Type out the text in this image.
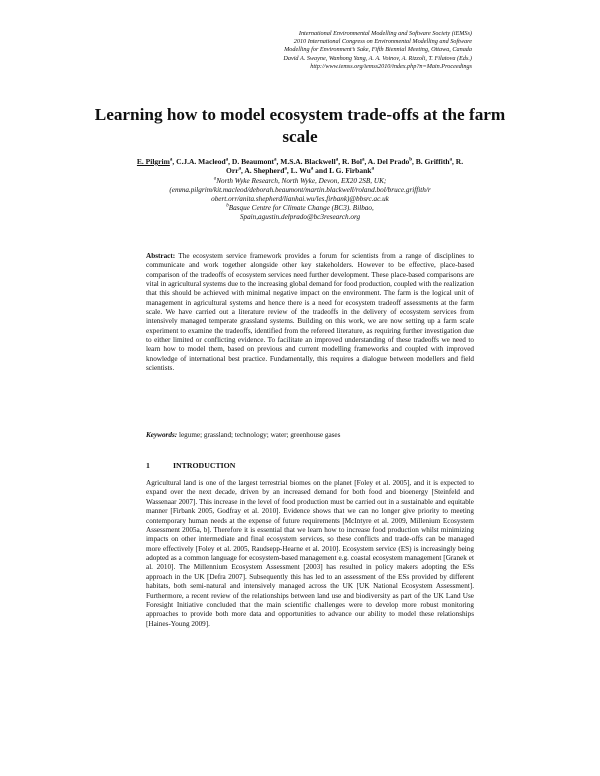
International Environmental Modelling and Software Society (iEMSs)
2010 International Congress on Environmental Modelling and Software
Modelling for Environment’s Sake, Fifth Biennial Meeting, Ottawa, Canada
David A. Swayne, Wanhong Yang, A. A. Voinov, A. Rizzoli, T. Filatova (Eds.)
http://www.iemss.org/iemss2010/index.php?n=Main.Proceedings
Learning how to model ecosystem trade-offs at the farm scale
E. Pilgrim$^a$, C.J.A. Macleod$^a$, D. Beaumont$^a$, M.S.A. Blackwell$^a$, R. Bol$^a$, A. Del Prado$^b$, B. Griffith$^a$, R. Orr$^a$, A. Shepherd$^a$, L. Wu$^a$ and L G. Firbank$^a$
$^a$North Wyke Research, North Wyke, Devon, EX20 2SB, UK;
(emma.pilgrim/kit.macleod/deborah.beaumont/martin.blackwell/roland.bol/bruce.griffith/r
obert.orr/anita.shepherd/lianhai.wu/les.firbank)@bbsrc.ac.uk
$^b$Basque Centre for Climate Change (BC3). Bilbao,
Spain,agustin.delprado@bc3research.org
Abstract: The ecosystem service framework provides a forum for scientists from a range of disciplines to communicate and work together alongside other key stakeholders. However to be effective, place-based comparison of the tradeoffs of ecosystem services need further development. These place-based comparisons are vital in agricultural systems due to the increasing global demand for food production, coupled with the realization that this should be achieved with minimal negative impact on the environment. The farm is the logical unit of management in agricultural systems and hence there is a need for ecosystem tradeoff assessments at the farm scale. We have carried out a literature review of the tradeoffs in the delivery of ecosystem services from intensively managed temperate grassland systems. Building on this work, we are now setting up a farm scale experiment to examine the tradeoffs, identified from the refereed literature, as requiring further investigation due to either limited or conflicting evidence. To facilitate an improved understanding of these tradeoffs we need to learn how to model them, based on previous and current modelling frameworks and coupled with improved knowledge of international best practice. Fundamentally, this requires a dialogue between modellers and field scientists.
Keywords: legume; grassland; technology; water; greenhouse gases
1	INTRODUCTION
Agricultural land is one of the largest terrestrial biomes on the planet [Foley et al. 2005], and it is expected to expand over the next decade, driven by an increased demand for both food and bioenergy [Steinfeld and Wassenaar 2007]. This increase in the level of food production must be carried out in a sustainable and equitable manner [Firbank 2005, Godfray et al. 2010]. Evidence shows that we can no longer give priority to meeting contemporary human needs at the expense of future requirements [McIntyre et al. 2009, Millenium Ecosystem Assessment 2005a, b]. Therefore it is essential that we learn how to increase food production whilst minimizing impacts on other intermediate and final ecosystem services, so these conflicts and trade-offs can be managed more effectively [Foley et al. 2005, Raudsepp-Hearne et al. 2010]. Ecosystem service (ES) is increasingly being adopted as a common language for ecosystem-based management e.g. coastal ecosystem management [Granek et al. 2010]. The Millennium Ecosystem Assessment [2003] has resulted in policy makers adopting the ESs approach in the UK [Defra 2007]. Subsequently this has led to an assessment of the ESs provided by different habitats, both semi-natural and intensively managed across the UK [UK National Ecosystem Assessment]. Furthermore, a recent review of the relationships between land use and biodiversity as part of the UK Land Use Foresight Initiative concluded that the main scientific challenges were to develop more robust monitoring approaches to provide both more data and opportunities to advance our ability to model these relationships [Haines-Young 2009].
